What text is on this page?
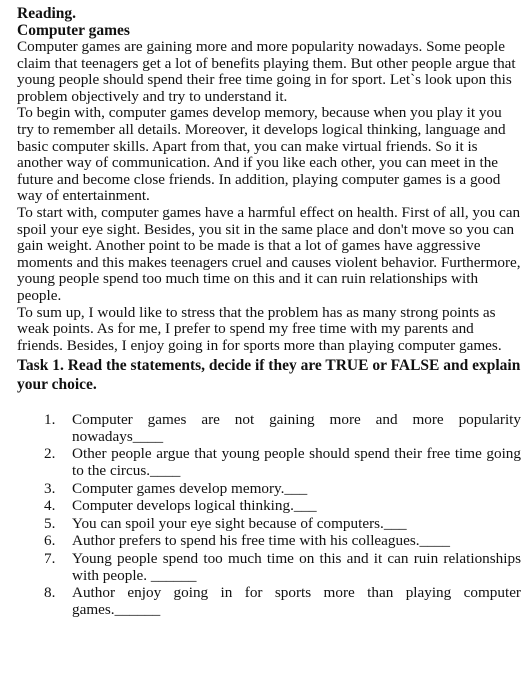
Reading.

Computer games

Computer games are gaining more and more popularity nowadays. Some people claim that teenagers get a lot of benefits playing them. But other people argue that young people should spend their free time going in for sport. Let`s look upon this problem objectively and try to understand it.

To begin with, computer games develop memory, because when you play it you try to remember all details. Moreover, it develops logical thinking, language and basic computer skills. Apart from that, you can make virtual friends. So it is another way of communication. And if you like each other, you can meet in the future and become close friends. In addition, playing computer games is a good way of entertainment.

To start with, computer games have a harmful effect on health. First of all, you can spoil your eye sight. Besides, you sit in the same place and don't move so you can gain weight. Another point to be made is that a lot of games have aggressive moments and this makes teenagers cruel and causes violent behavior. Furthermore, young people spend too much time on this and it can ruin relationships with people.

To sum up, I would like to stress that the problem has as many strong points as weak points. As for me, I prefer to spend my free time with my parents and friends. Besides, I enjoy going in for sports more than playing computer games.

Task 1. Read the statements, decide if they are TRUE or FALSE and explain your choice.

1.	Computer games are not gaining more and more popularity nowadays____
2.	Other people argue that young people should spend their free time going to the circus.____
3.	Computer games develop memory.___
4.	Computer develops logical thinking.___
5.	You can spoil your eye sight because of computers.___
6.	Author prefers to spend his free time with his colleagues.____
7.	Young people spend too much time on this and it can ruin relationships with people. ______
8.	Author enjoy going in for sports more than playing computer games.______
